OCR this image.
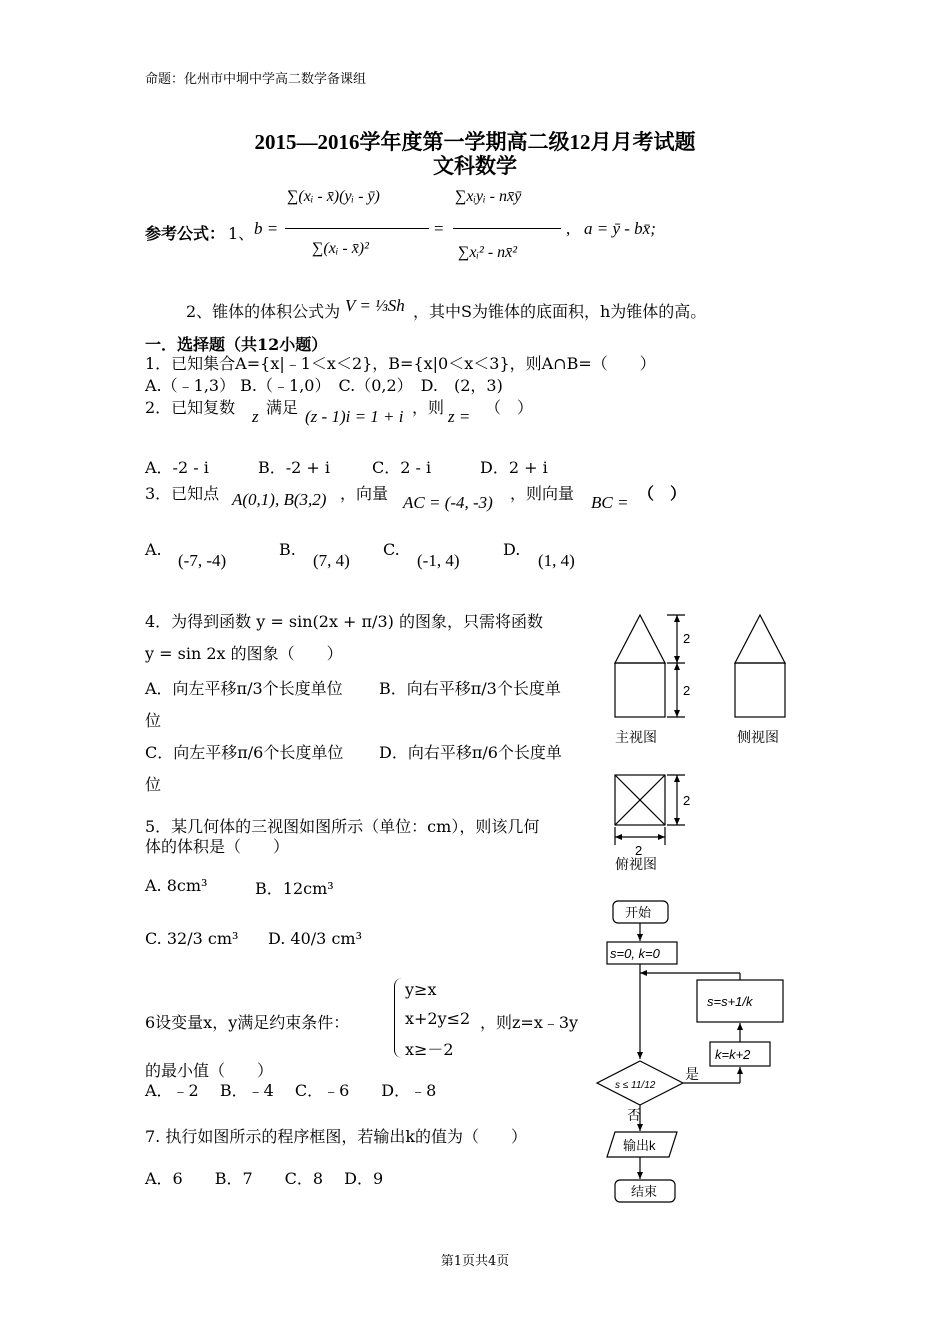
命题：化州市中垌中学高二数学备课组
2015—2016学年度第一学期高二级12月月考试题
文科数学
参考公式： 1、 b =
∑(xᵢ - x̄)(yᵢ - ȳ)
∑(xᵢ - x̄)²
=
∑xᵢyᵢ - nx̄ȳ
∑xᵢ² - nx̄²
, a = ȳ - bx̄;
2、锥体的体积公式为 V = ⅓Sh ，其中S为锥体的底面积，h为锥体的高。
一．选择题（共12小题）
1．已知集合A={x|﹣1＜x＜2}，B={x|0＜x＜3}，则A∩B=（　　）
A.（﹣1,3） B.（﹣1,0）　C.（0,2）　D.　(2，3)
2．已知复数 z 满足 (z - 1)i = 1 + i ，则 z = （　）
A．-2 - i	B．-2 + i	C．2 - i	D．2 + i
3．已知点 A(0,1), B(3,2) ，向量 AC = (-4, -3) ，则向量 BC = （　）
A.
(-7, -4)
B.
(7, 4)
C.
(-1, 4)
D.
(1, 4)
4．为得到函数 y = sin(2x + π/3) 的图象，只需将函数
y = sin 2x 的图象（　　）
A．向左平移π/3个长度单位 B．向右平移π/3个长度单
位
C．向左平移π/6个长度单位 D．向右平移π/6个长度单
位
5．某几何体的三视图如图所示（单位：cm），则该几何
体的体积是（　　）
A. 8cm³	B．12cm³
C. 32/3 cm³ D. 40/3 cm³
6设变量x，y满足约束条件：
y≥x
x+2y≤2
x≥－2
，则z=x﹣3y
的最小值（　　）
A．﹣2　 B．﹣4　 C．﹣6　　D．﹣8
7. 执行如图所示的程序框图，若输出k的值为（　　）
A．6　　B．7　　C．8　 D．9
2
2
2
2
主视图	侧视图
俯视图
开始
s=0, k=0
s=s+1/k
k=k+2
s ≤ 11/12
是
否
输出k
结束
第1页共4页
